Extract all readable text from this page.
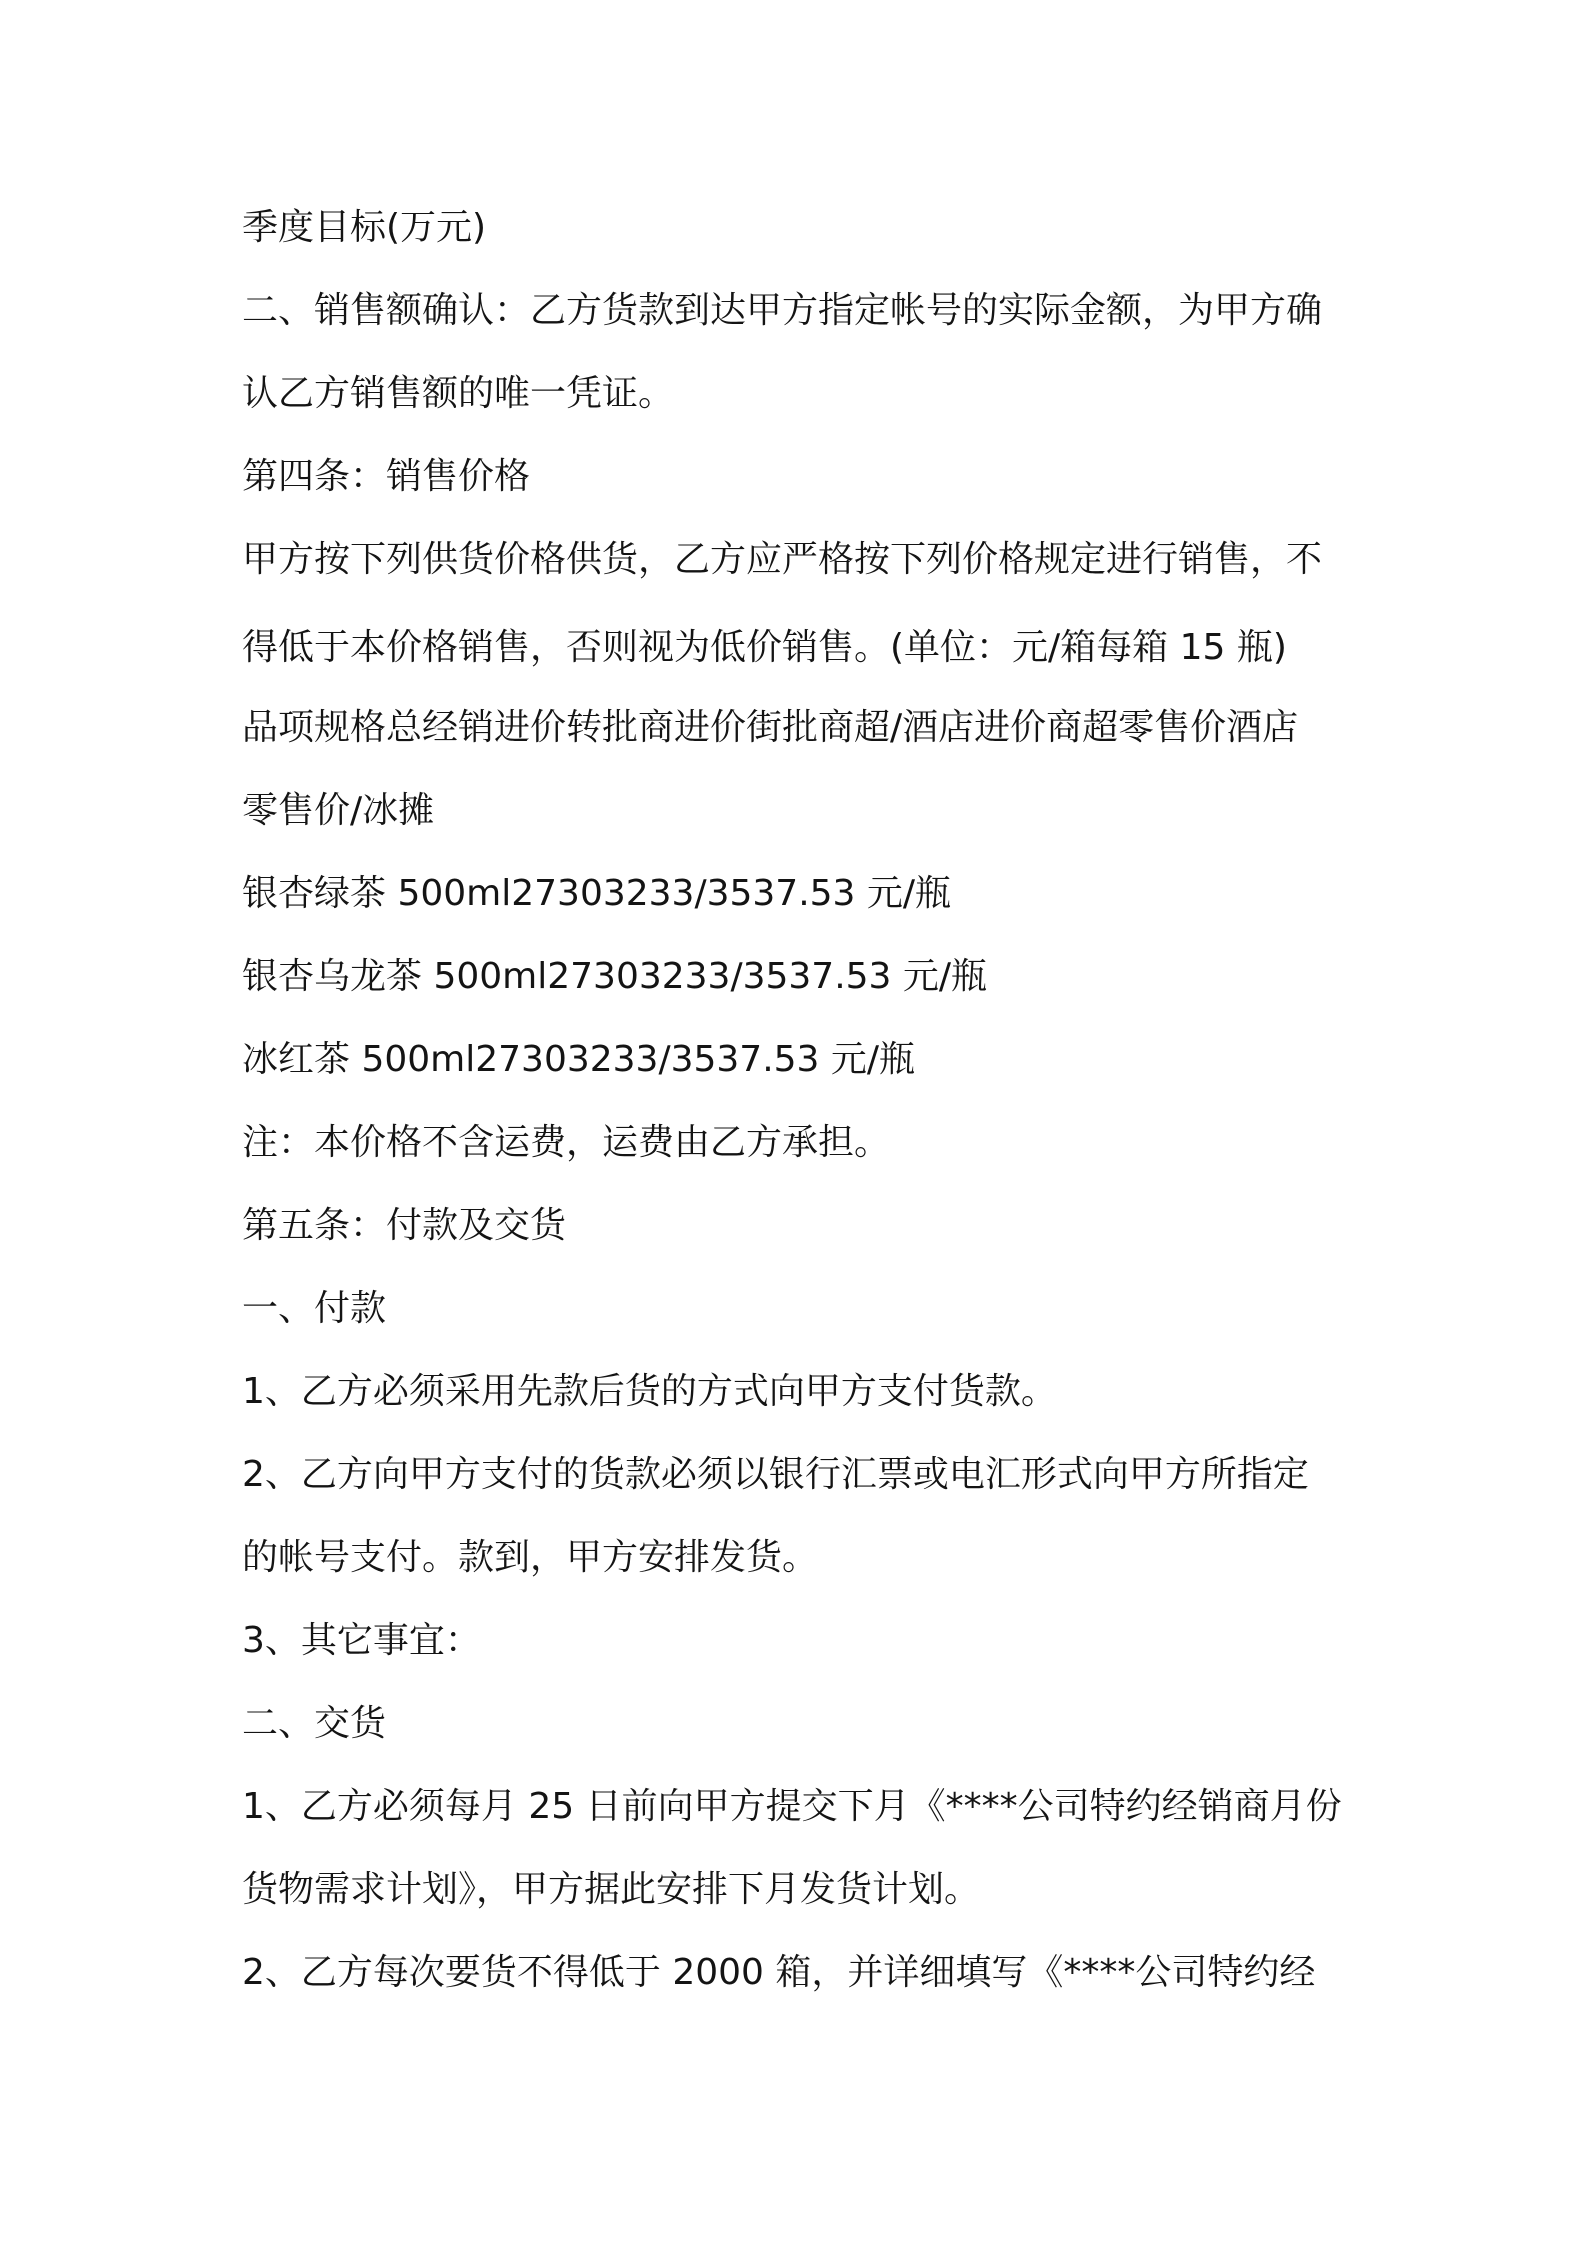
季度目标(万元)

二、销售额确认：乙方货款到达甲方指定帐号的实际金额，为甲方确

认乙方销售额的唯一凭证。

第四条：销售价格

甲方按下列供货价格供货，乙方应严格按下列价格规定进行销售，不

得低于本价格销售，否则视为低价销售。(单位：元/箱每箱 15 瓶)

品项规格总经销进价转批商进价街批商超/酒店进价商超零售价酒店

零售价/冰摊

银杏绿茶 500ml27303233/3537.53 元/瓶

银杏乌龙茶 500ml27303233/3537.53 元/瓶

冰红茶 500ml27303233/3537.53 元/瓶

注：本价格不含运费，运费由乙方承担。

第五条：付款及交货

一、付款

1、乙方必须采用先款后货的方式向甲方支付货款。

2、乙方向甲方支付的货款必须以银行汇票或电汇形式向甲方所指定

的帐号支付。款到，甲方安排发货。

3、其它事宜：

二、交货

1、乙方必须每月 25 日前向甲方提交下月《****公司特约经销商月份

货物需求计划》，甲方据此安排下月发货计划。

2、乙方每次要货不得低于 2000 箱，并详细填写《****公司特约经
